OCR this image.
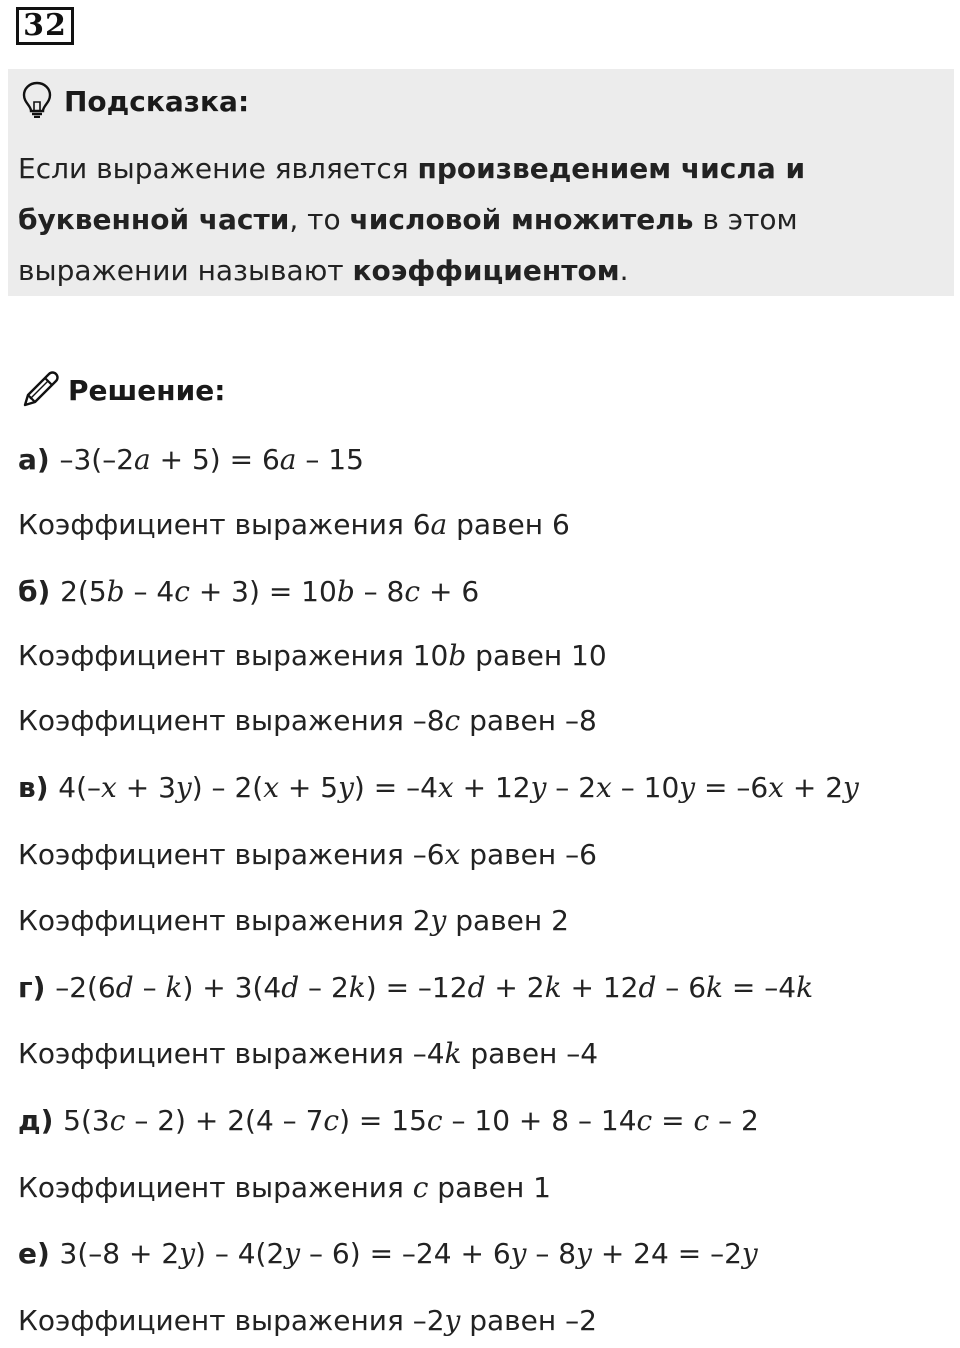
32
Подсказка:
Если выражение является произведением числа и буквенной части, то числовой множитель в этом выражении называют коэффициентом.
Решение:
а) –3(–2a + 5) = 6a – 15
Коэффициент выражения 6a равен 6
б) 2(5b – 4c + 3) = 10b – 8c + 6
Коэффициент выражения 10b равен 10
Коэффициент выражения –8c равен –8
в) 4(–x + 3y) – 2(x + 5y) = –4x + 12y – 2x – 10y = –6x + 2y
Коэффициент выражения –6x равен –6
Коэффициент выражения 2y равен 2
г) –2(6d – k) + 3(4d – 2k) = –12d + 2k + 12d – 6k = –4k
Коэффициент выражения –4k равен –4
д) 5(3c – 2) + 2(4 – 7c) = 15c – 10 + 8 – 14c = c – 2
Коэффициент выражения c равен 1
е) 3(–8 + 2y) – 4(2y – 6) = –24 + 6y – 8y + 24 = –2y
Коэффициент выражения –2y равен –2
